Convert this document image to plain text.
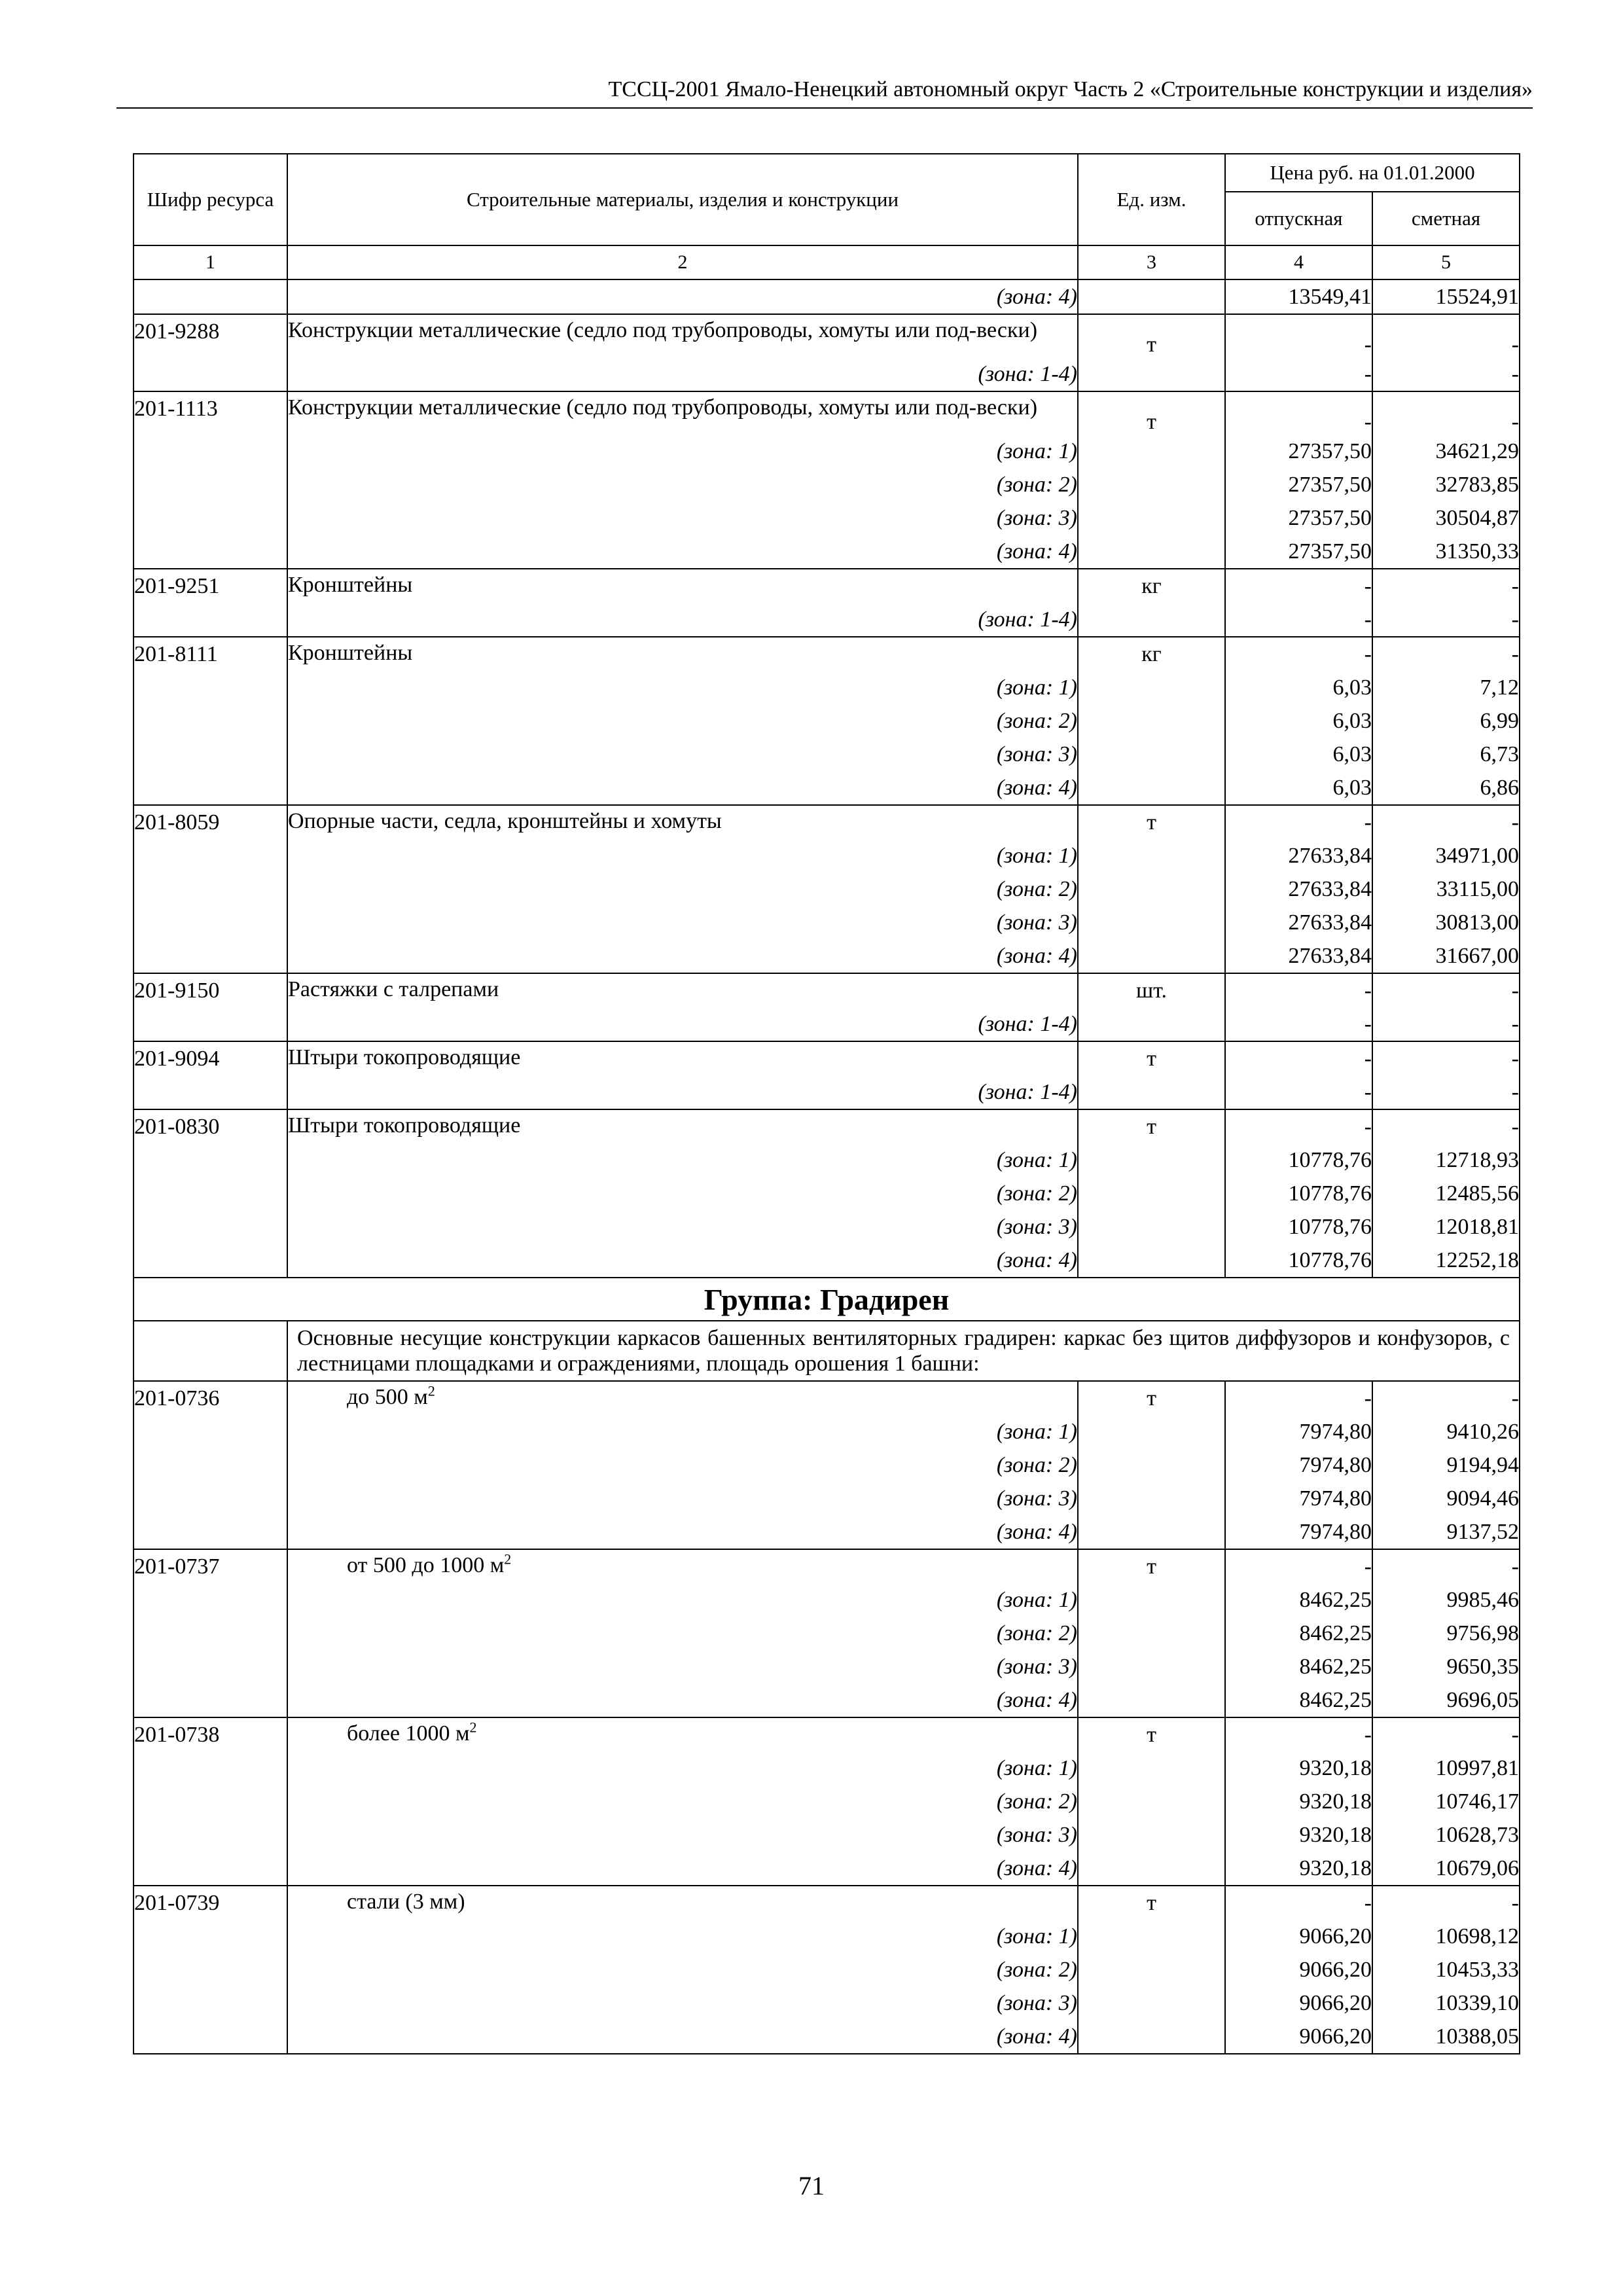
ТССЦ-2001 Ямало-Ненецкий автономный округ Часть 2 «Строительные конструкции и изделия»
Шифр ресурса	Строительные материалы, изделия и конструкции	Ед. изм.	Цена руб. на 01.01.2000	
			отпускная	сметная
1	2	3	4	5

	(зона: 4)		13549,41	15524,91
201-9288	Конструкции металлические (седло под трубопроводы, хомуты или под-вески)	т	-	-

	(зона: 1-4)		-	-
201-1113	Конструкции металлические (седло под трубопроводы, хомуты или под-вески)	т	-	-

	(зона: 1)		27357,50	34621,29

	(зона: 2)		27357,50	32783,85

	(зона: 3)		27357,50	30504,87

	(зона: 4)		27357,50	31350,33
201-9251	Кронштейны	кг	-	-

	(зона: 1-4)		-	-
201-8111	Кронштейны	кг	-	-

	(зона: 1)		6,03	7,12

	(зона: 2)		6,03	6,99

	(зона: 3)		6,03	6,73

	(зона: 4)		6,03	6,86
201-8059	Опорные части, седла, кронштейны и хомуты	т	-	-

	(зона: 1)		27633,84	34971,00

	(зона: 2)		27633,84	33115,00

	(зона: 3)		27633,84	30813,00

	(зона: 4)		27633,84	31667,00
201-9150	Растяжки с талрепами	шт.	-	-

	(зона: 1-4)		-	-
201-9094	Штыри токопроводящие	т	-	-

	(зона: 1-4)		-	-
201-0830	Штыри токопроводящие	т	-	-

	(зона: 1)		10778,76	12718,93

	(зона: 2)		10778,76	12485,56

	(зона: 3)		10778,76	12018,81

	(зона: 4)		10778,76	12252,18
Группа: Градирен				
	Основные несущие конструкции каркасов башенных вентиляторных градирен: каркас без щитов диффузоров и конфузоров, с лестницами площадками и ограждениями, площадь орошения 1 башни:			
201-0736	до 500 $м^2$	т	-	-

	(зона: 1)		7974,80	9410,26

	(зона: 2)		7974,80	9194,94

	(зона: 3)		7974,80	9094,46

	(зона: 4)		7974,80	9137,52
201-0737	от 500 до 1000 $м^2$	т	-	-

	(зона: 1)		8462,25	9985,46

	(зона: 2)		8462,25	9756,98

	(зона: 3)		8462,25	9650,35

	(зона: 4)		8462,25	9696,05
201-0738	более 1000 $м^2$	т	-	-

	(зона: 1)		9320,18	10997,81

	(зона: 2)		9320,18	10746,17

	(зона: 3)		9320,18	10628,73

	(зона: 4)		9320,18	10679,06
201-0739	стали (3 мм)	т	-	-

	(зона: 1)		9066,20	10698,12

	(зона: 2)		9066,20	10453,33

	(зона: 3)		9066,20	10339,10

	(зона: 4)		9066,20	10388,05
71
